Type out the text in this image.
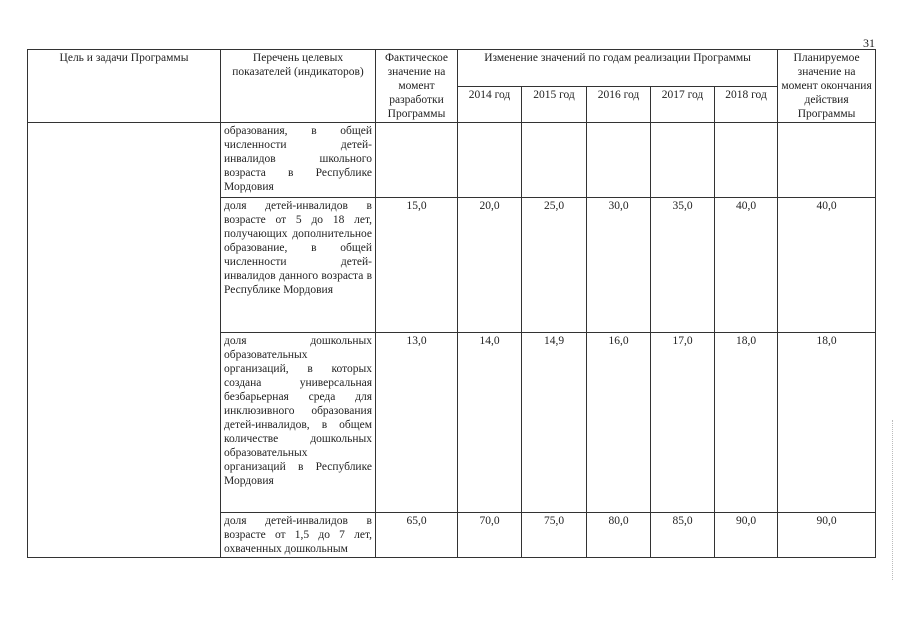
31
Цель и задачи Программы	Перечень целевых показателей (индикаторов)	Фактическое значение на момент разработки Программы	Изменение значений по годам реализации Программы					Планируемое значение на момент окончания действия Программы
			2014 год	2015 год	2016 год	2017 год	2018 год	
	образования, в общей численности детей-инвалидов школьного возраста в Республике Мордовия							
	доля детей-инвалидов в возрасте от 5 до 18 лет, получающих дополнительное образование, в общей численности детей-инвалидов данного возраста в Республике Мордовия	15,0	20,0	25,0	30,0	35,0	40,0	40,0
	доля дошкольных образовательных организаций, в которых создана универсальная безбарьерная среда для инклюзивного образования детей-инвалидов, в общем количестве дошкольных образовательных организаций в Республике Мордовия	13,0	14,0	14,9	16,0	17,0	18,0	18,0
	доля детей-инвалидов в возрасте от 1,5 до 7 лет, охваченных дошкольным	65,0	70,0	75,0	80,0	85,0	90,0	90,0
